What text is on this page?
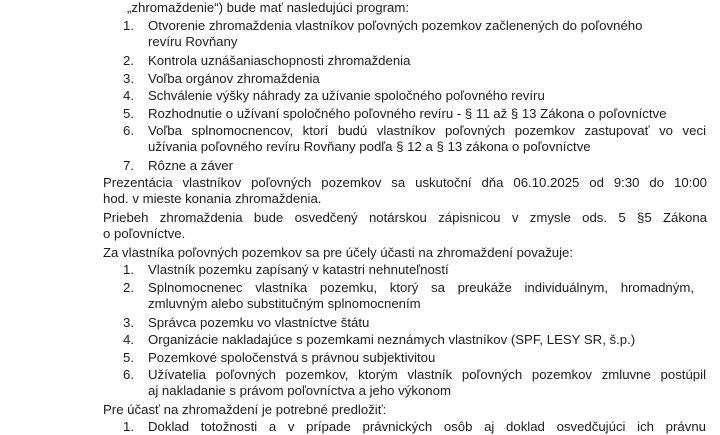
„zhromaždenie“) bude mať nasledujúci program:
1. Otvorenie zhromaždenia vlastníkov poľovných pozemkov začlenených do poľovného
revíru Rovňany
2. Kontrola uznášaniaschopnosti zhromaždenia
3. Voľba orgánov zhromaždenia
4. Schválenie výšky náhrady za užívanie spoločného poľovného revíru
5. Rozhodnutie o užívaní spoločného poľovného revíru - § 11 až § 13 Zákona o poľovníctve
6. Voľba splnomocnencov, ktorí budú vlastníkov poľovných pozemkov zastupovať vo veci
užívania poľovného revíru Rovňany podľa § 12 a § 13 zákona o poľovníctve
7. Rôzne a záver
Prezentácia vlastníkov poľovných pozemkov sa uskutoční dňa 06.10.2025 od 9:30 do 10:00
hod. v mieste konania zhromaždenia.
Priebeh zhromaždenia bude osvedčený notárskou zápisnicou v zmysle ods. 5 §5 Zákona
o poľovníctve.
Za vlastníka poľovných pozemkov sa pre účely účasti na zhromaždení považuje:
1. Vlastník pozemku zapísaný v katastri nehnuteľností
2. Splnomocnenec vlastníka pozemku, ktorý sa preukáže individuálnym, hromadným,
zmluvným alebo substitučným splnomocnením
3. Správca pozemku vo vlastníctve štátu
4. Organizácie nakladajúce s pozemkami neznámych vlastníkov (SPF, LESY SR, š.p.)
5. Pozemkové spoločenstvá s právnou subjektivitou
6. Užívatelia poľovných pozemkov, ktorým vlastník poľovných pozemkov zmluvne postúpil
aj nakladanie s právom poľovníctva a jeho výkonom
Pre účasť na zhromaždení je potrebné predložiť:
1. Doklad totožnosti a v prípade právnických osôb aj doklad osvedčujúci ich právnu
